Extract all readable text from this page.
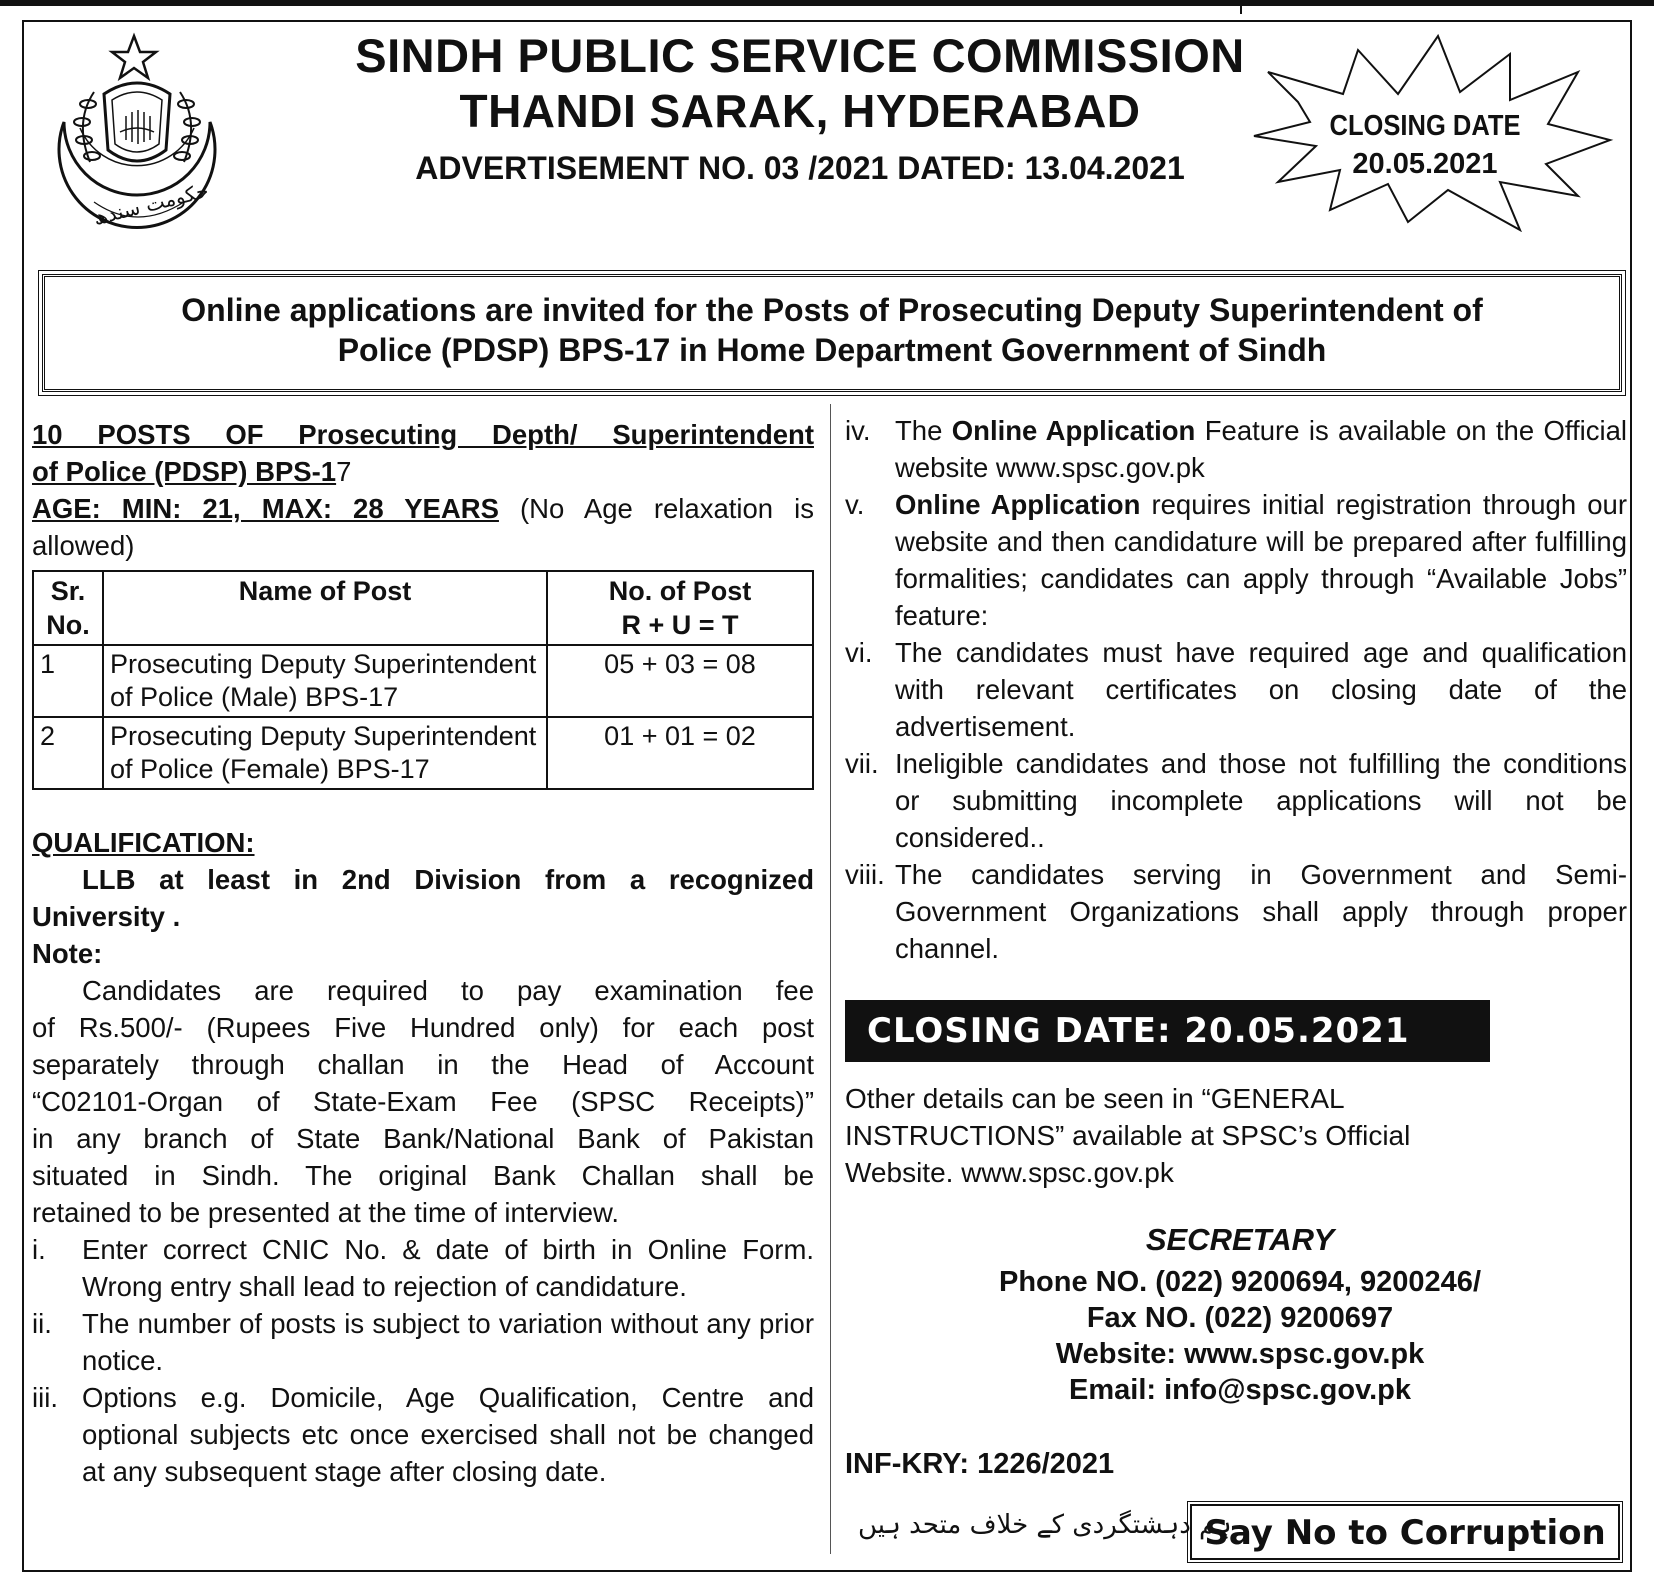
حکومت سندھ
SINDH PUBLIC SERVICE COMMISSION
THANDI SARAK, HYDERABAD
ADVERTISEMENT NO. 03 /2021 DATED: 13.04.2021
CLOSING DATE
20.05.2021
Online applications are invited for the Posts of Prosecuting Deputy Superintendent of
Police (PDSP) BPS-17 in Home Department Government of Sindh
10 POSTS OF Prosecuting Depth/ Superintendent
of Police (PDSP) BPS-17
AGE: MIN: 21, MAX: 28 YEARS (No Age relaxation is
allowed)
Sr. No.	Name of Post	No. of Post
R + U = T

1	Prosecuting Deputy Superintendent
of Police (Male) BPS-17	05 + 03 = 08
2	Prosecuting Deputy Superintendent
of Police (Female) BPS-17	01 + 01 = 02
QUALIFICATION:
LLB at least in 2nd Division from a recognized
University .
Note:
Candidates are required to pay examination fee
of Rs.500/- (Rupees Five Hundred only) for each post
separately through challan in the Head of Account
“C02101-Organ of State-Exam Fee (SPSC Receipts)”
in any branch of State Bank/National Bank of Pakistan
situated in Sindh. The original Bank Challan shall be
retained to be presented at the time of interview.
i.	Enter correct CNIC No. & date of birth in Online Form. Wrong entry shall lead to rejection of candidature.
ii.	The number of posts is subject to variation without any prior notice.
iii. Options e.g. Domicile, Age Qualification, Centre and optional subjects etc once exercised shall not be changed at any subsequent stage after closing date.
iv. The Online Application Feature is available on the Official website www.spsc.gov.pk
v.	Online Application requires initial registration through our website and then candidature will be prepared after fulfilling formalities; candidates can apply through “Available Jobs” feature:
vi. The candidates must have required age and qualification with relevant certificates on closing date of the advertisement.
vii. Ineligible candidates and those not fulfilling the conditions or submitting incomplete applications will not be considered..
viii. The candidates serving in Government and Semi-Government Organizations shall apply through proper channel.
CLOSING DATE: 20.05.2021
Other details can be seen in “GENERAL
INSTRUCTIONS” available at SPSC’s Official
Website. www.spsc.gov.pk
SECRETARY
Phone NO. (022) 9200694, 9200246/
Fax NO. (022) 9200697
Website: www.spsc.gov.pk
Email: info@spsc.gov.pk
INF-KRY: 1226/2021
ہم دہشتگردی کے خلاف متحد ہیں
Say No to Corruption
